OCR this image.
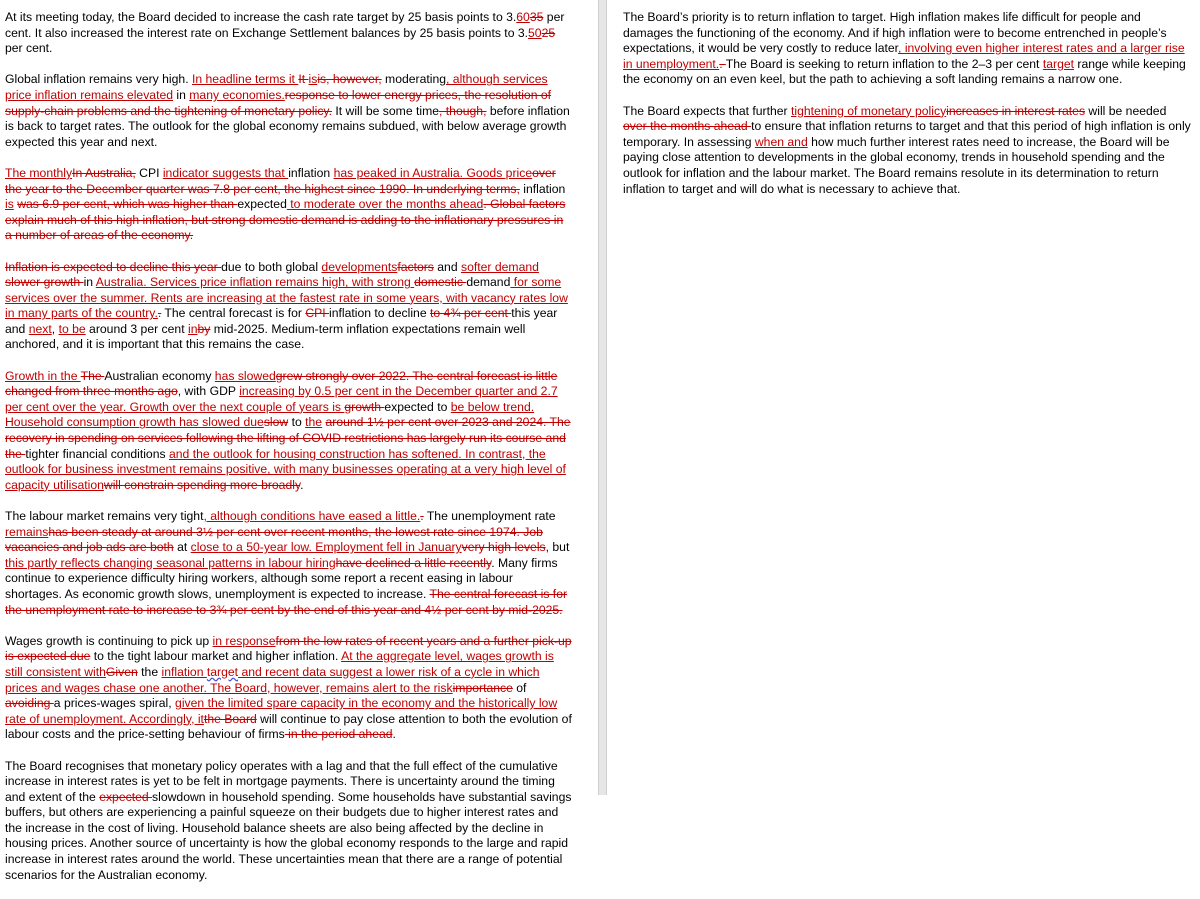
At its meeting today, the Board decided to increase the cash rate target by 25 basis points to 3.6035 per cent. It also increased the interest rate on Exchange Settlement balances by 25 basis points to 3.5025 per cent.

Global inflation remains very high. In headline terms it It isis, however, moderating, although services price inflation remains elevated in many economies.response to lower energy prices, the resolution of supply-chain problems and the tightening of monetary policy. It will be some time, though, before inflation is back to target rates. The outlook for the global economy remains subdued, with below average growth expected this year and next.

The monthlyIn Australia, CPI indicator suggests that inflation has peaked in Australia. Goods priceover the year to the December quarter was 7.8 per cent, the highest since 1990. In underlying terms, inflation is was 6.9 per cent, which was higher than expected to moderate over the months ahead. Global factors explain much of this high inflation, but strong domestic demand is adding to the inflationary pressures in a number of areas of the economy.

Inflation is expected to decline this year due to both global developmentsfactors and softer demand slower growth in Australia. Services price inflation remains high, with strong domestic demand for some services over the summer. Rents are increasing at the fastest rate in some years, with vacancy rates low in many parts of the country.. The central forecast is for CPI inflation to decline to 4¾ per cent this year and next, to be around 3 per cent inby mid-2025. Medium-term inflation expectations remain well anchored, and it is important that this remains the case.

Growth in the The Australian economy has slowedgrew strongly over 2022. The central forecast is little changed from three months ago, with GDP increasing by 0.5 per cent in the December quarter and 2.7 per cent over the year. Growth over the next couple of years is growth expected to be below trend. Household consumption growth has slowed dueslow to the around 1½ per cent over 2023 and 2024. The recovery in spending on services following the lifting of COVID restrictions has largely run its course and the tighter financial conditions and the outlook for housing construction has softened. In contrast, the outlook for business investment remains positive, with many businesses operating at a very high level of capacity utilisationwill constrain spending more broadly.

The labour market remains very tight, although conditions have eased a little.. The unemployment rate remainshas been steady at around 3½ per cent over recent months, the lowest rate since 1974. Job vacancies and job ads are both at close to a 50-year low. Employment fell in Januaryvery high levels, but this partly reflects changing seasonal patterns in labour hiringhave declined a little recently. Many firms continue to experience difficulty hiring workers, although some report a recent easing in labour shortages. As economic growth slows, unemployment is expected to increase. The central forecast is for the unemployment rate to increase to 3¾ per cent by the end of this year and 4½ per cent by mid-2025.

Wages growth is continuing to pick up in responsefrom the low rates of recent years and a further pick-up is expected due to the tight labour market and higher inflation. At the aggregate level, wages growth is still consistent withGiven the inflation target and recent data suggest a lower risk of a cycle in which prices and wages chase one another. The Board, however, remains alert to the riskimportance of avoiding a prices-wages spiral, given the limited spare capacity in the economy and the historically low rate of unemployment. Accordingly, itthe Board will continue to pay close attention to both the evolution of labour costs and the price-setting behaviour of firms in the period ahead.

The Board recognises that monetary policy operates with a lag and that the full effect of the cumulative increase in interest rates is yet to be felt in mortgage payments. There is uncertainty around the timing and extent of the expected slowdown in household spending. Some households have substantial savings buffers, but others are experiencing a painful squeeze on their budgets due to higher interest rates and the increase in the cost of living. Household balance sheets are also being affected by the decline in housing prices. Another source of uncertainty is how the global economy responds to the large and rapid increase in interest rates around the world. These uncertainties mean that there are a range of potential scenarios for the Australian economy.

The Board’s priority is to return inflation to target. High inflation makes life difficult for people and damages the functioning of the economy. And if high inflation were to become entrenched in people’s expectations, it would be very costly to reduce later, involving even higher interest rates and a larger rise in unemployment.. The Board is seeking to return inflation to the 2–3 per cent target range while keeping the economy on an even keel, but the path to achieving a soft landing remains a narrow one.

The Board expects that further tightening of monetary policyincreases in interest rates will be needed over the months ahead to ensure that inflation returns to target and that this period of high inflation is only temporary. In assessing when and how much further interest rates need to increase, the Board will be paying close attention to developments in the global economy, trends in household spending and the outlook for inflation and the labour market. The Board remains resolute in its determination to return inflation to target and will do what is necessary to achieve that.
